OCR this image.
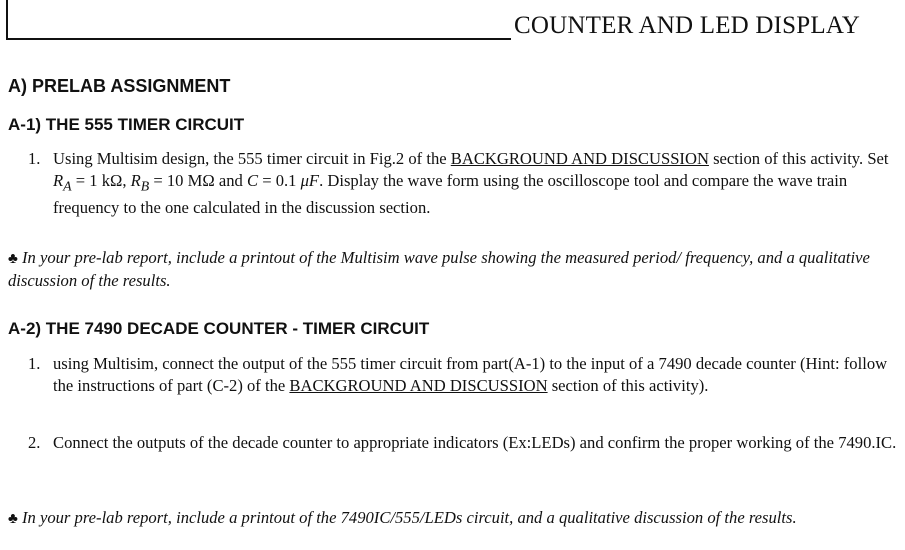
COUNTER AND LED DISPLAY
A) PRELAB ASSIGNMENT
A-1) THE 555 TIMER CIRCUIT
1. Using Multisim design, the 555 timer circuit in Fig.2 of the BACKGROUND AND DISCUSSION section of this activity. Set $R_A = 1$ kΩ, $R_B = 10$ MΩ and C = 0.1 μF. Display the wave form using the oscilloscope tool and compare the wave train frequency to the one calculated in the discussion section.
♣ In your pre-lab report, include a printout of the Multisim wave pulse showing the measured period/ frequency, and a qualitative discussion of the results.
A-2) THE 7490 DECADE COUNTER - TIMER CIRCUIT
1. using Multisim, connect the output of the 555 timer circuit from part(A-1) to the input of a 7490 decade counter (Hint: follow the instructions of part (C-2) of the BACKGROUND AND DISCUSSION section of this activity).
2. Connect the outputs of the decade counter to appropriate indicators (Ex:LEDs) and confirm the proper working of the 7490.IC.
♣ In your pre-lab report, include a printout of the 7490IC/555/LEDs circuit, and a qualitative discussion of the results.
